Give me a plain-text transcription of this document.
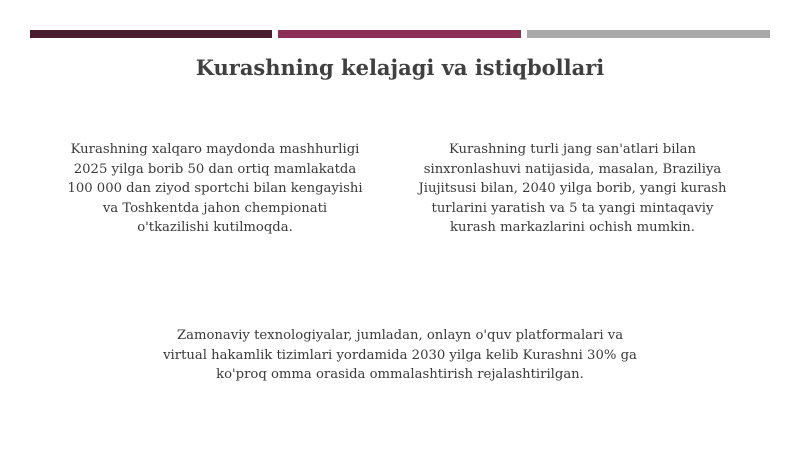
Kurashning kelajagi va istiqbollari

Kurashning xalqaro maydonda mashhurligi
2025 yilga borib 50 dan ortiq mamlakatda
100 000 dan ziyod sportchi bilan kengayishi
va Toshkentda jahon chempionati
o'tkazilishi kutilmoqda.

Kurashning turli jang san'atlari bilan
sinxronlashuvi natijasida, masalan, Braziliya
Jiujitsusi bilan, 2040 yilga borib, yangi kurash
turlarini yaratish va 5 ta yangi mintaqaviy
kurash markazlarini ochish mumkin.

Zamonaviy texnologiyalar, jumladan, onlayn o'quv platformalari va
virtual hakamlik tizimlari yordamida 2030 yilga kelib Kurashni 30% ga
ko'proq omma orasida ommalashtirish rejalashtirilgan.
